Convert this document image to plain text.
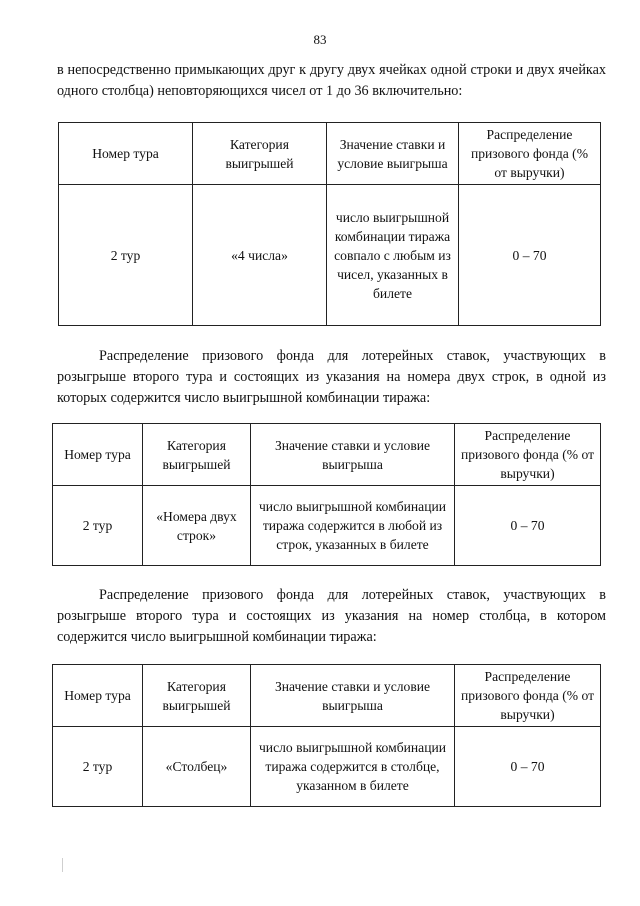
83

в непосредственно примыкающих друг к другу двух ячейках одной строки и двух ячейках одного столбца) неповторяющихся чисел от 1 до 36 включительно:

Номер тура	Категория выигрышей	Значение ставки и условие выигрыша	Распределение призового фонда (% от выручки)
2 тур	«4 числа»	число выигрышной комбинации тиража совпало с любым из чисел, указанных в билете	0 – 70

Распределение призового фонда для лотерейных ставок, участвующих в розыгрыше второго тура и состоящих из указания на номера двух строк, в одной из которых содержится число выигрышной комбинации тиража:

Номер тура	Категория выигрышей	Значение ставки и условие выигрыша	Распределение призового фонда (% от выручки)
2 тур	«Номера двух строк»	число выигрышной комбинации тиража содержится в любой из строк, указанных в билете	0 – 70

Распределение призового фонда для лотерейных ставок, участвующих в розыгрыше второго тура и состоящих из указания на номер столбца, в котором содержится число выигрышной комбинации тиража:

Номер тура	Категория выигрышей	Значение ставки и условие выигрыша	Распределение призового фонда (% от выручки)
2 тур	«Столбец»	число выигрышной комбинации тиража содержится в столбце, указанном в билете	0 – 70
